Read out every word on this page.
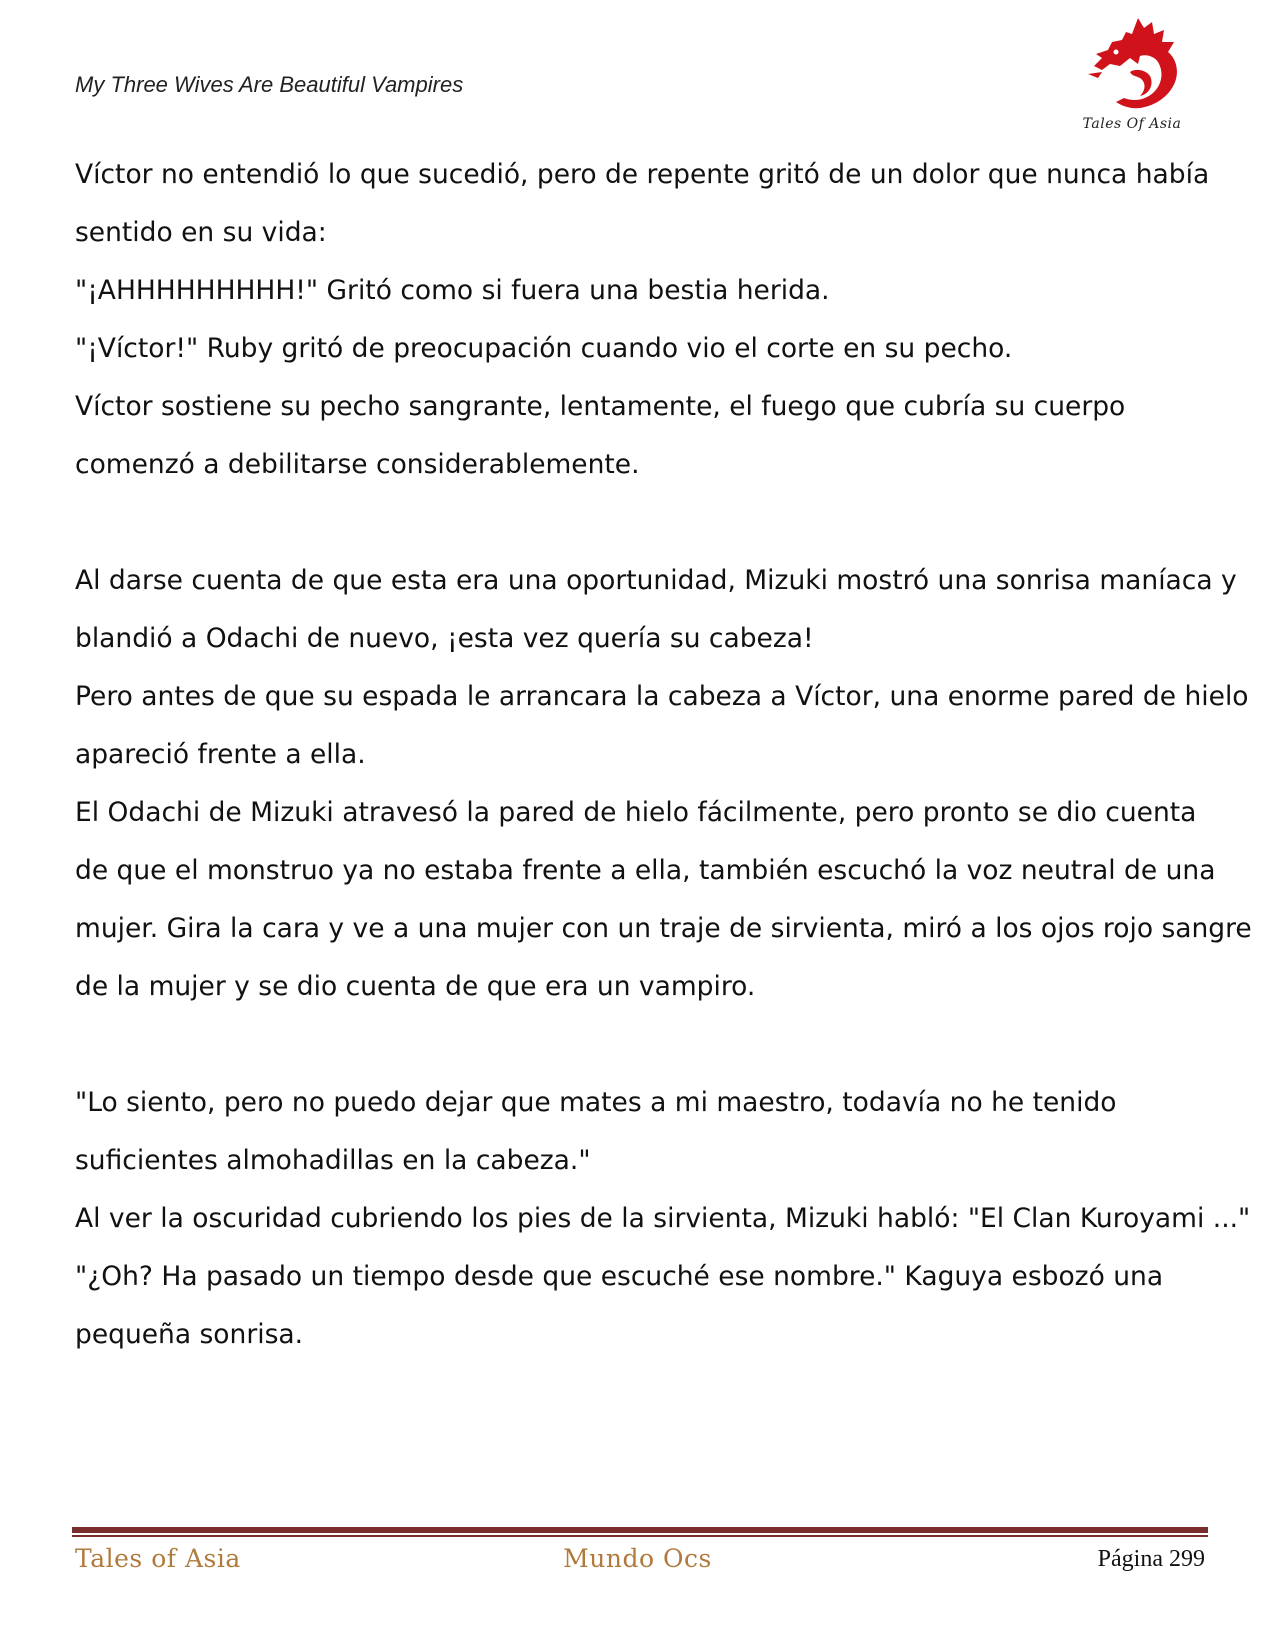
My Three Wives Are Beautiful Vampires
Tales Of Asia

Víctor no entendió lo que sucedió, pero de repente gritó de un dolor que nunca había

sentido en su vida:

"¡AHHHHHHHHH!" Gritó como si fuera una bestia herida.

"¡Víctor!" Ruby gritó de preocupación cuando vio el corte en su pecho.

Víctor sostiene su pecho sangrante, lentamente, el fuego que cubría su cuerpo

comenzó a debilitarse considerablemente.

Al darse cuenta de que esta era una oportunidad, Mizuki mostró una sonrisa maníaca y

blandió a Odachi de nuevo, ¡esta vez quería su cabeza!

Pero antes de que su espada le arrancara la cabeza a Víctor, una enorme pared de hielo

apareció frente a ella.

El Odachi de Mizuki atravesó la pared de hielo fácilmente, pero pronto se dio cuenta

de que el monstruo ya no estaba frente a ella, también escuchó la voz neutral de una

mujer. Gira la cara y ve a una mujer con un traje de sirvienta, miró a los ojos rojo sangre

de la mujer y se dio cuenta de que era un vampiro.

"Lo siento, pero no puedo dejar que mates a mi maestro, todavía no he tenido

suficientes almohadillas en la cabeza."

Al ver la oscuridad cubriendo los pies de la sirvienta, Mizuki habló: "El Clan Kuroyami ..."

"¿Oh? Ha pasado un tiempo desde que escuché ese nombre." Kaguya esbozó una

pequeña sonrisa.

Tales of Asia	Mundo Ocs	Página 299
